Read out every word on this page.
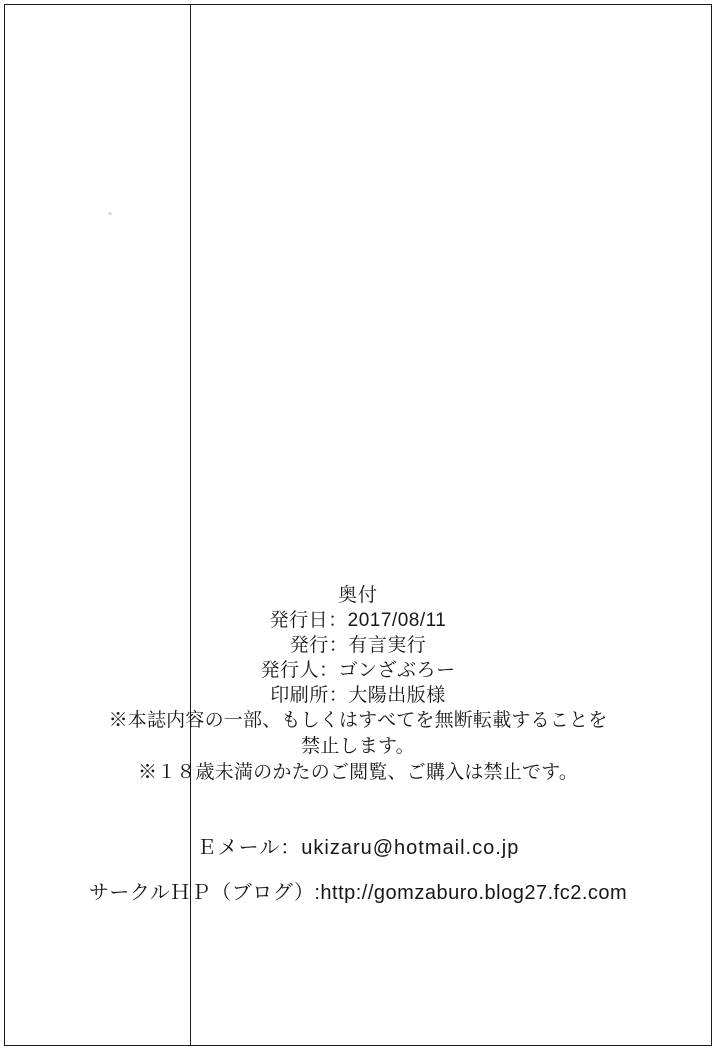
奥付
発行日：2017/08/11
発行：有言実行
発行人：ゴンざぶろー
印刷所：大陽出版様
※本誌内容の一部、もしくはすべてを無断転載することを
禁止します。
※１８歳未満のかたのご閲覧、ご購入は禁止です。
Ｅメール：ukizaru@hotmail.co.jp
サークルＨＰ（ブログ）:http://gomzaburo.blog27.fc2.com
